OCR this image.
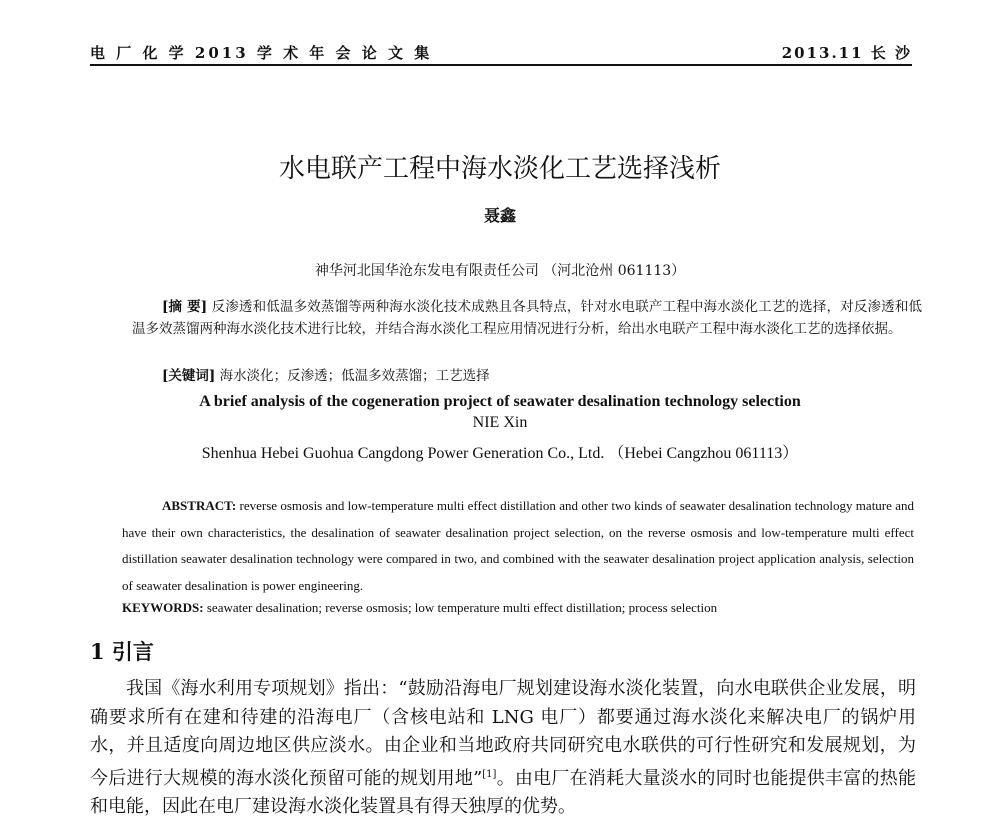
电 厂 化 学 2013 学 术 年 会 论 文 集	2013.11 长 沙
水电联产工程中海水淡化工艺选择浅析
聂鑫
神华河北国华沧东发电有限责任公司 （河北沧州 061113）
[摘 要] 反渗透和低温多效蒸馏等两种海水淡化技术成熟且各具特点，针对水电联产工程中海水淡化工艺的选择，对反渗透和低温多效蒸馏两种海水淡化技术进行比较，并结合海水淡化工程应用情况进行分析，给出水电联产工程中海水淡化工艺的选择依据。
[关键词] 海水淡化；反渗透；低温多效蒸馏；工艺选择
A brief analysis of the cogeneration project of seawater desalination technology selection
NIE Xin
Shenhua Hebei Guohua Cangdong Power Generation Co., Ltd. （Hebei Cangzhou 061113）
ABSTRACT: reverse osmosis and low-temperature multi effect distillation and other two kinds of seawater desalination technology mature and have their own characteristics, the desalination of seawater desalination project selection, on the reverse osmosis and low-temperature multi effect distillation seawater desalination technology were compared in two, and combined with the seawater desalination project application analysis, selection of seawater desalination is power engineering.
KEYWORDS: seawater desalination; reverse osmosis; low temperature multi effect distillation; process selection
1 引言
我国《海水利用专项规划》指出：“鼓励沿海电厂规划建设海水淡化装置，向水电联供企业发展，明确要求所有在建和待建的沿海电厂（含核电站和 LNG 电厂）都要通过海水淡化来解决电厂的锅炉用水，并且适度向周边地区供应淡水。由企业和当地政府共同研究电水联供的可行性研究和发展规划，为今后进行大规模的海水淡化预留可能的规划用地”[1]。由电厂在消耗大量淡水的同时也能提供丰富的热能和电能，因此在电厂建设海水淡化装置具有得天独厚的优势。
